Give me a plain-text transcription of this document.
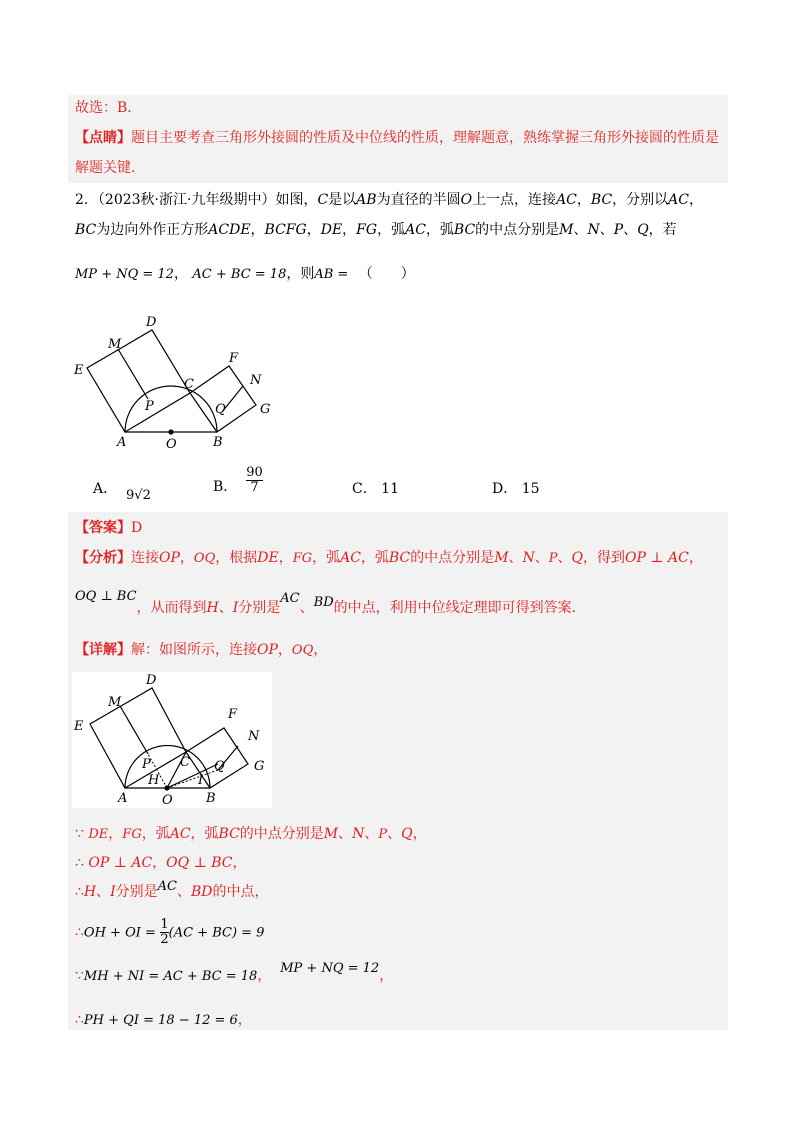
故选：B．
【点睛】题目主要考查三角形外接圆的性质及中位线的性质，理解题意，熟练掌握三角形外接圆的性质是
解题关键．
2．（2023秋·浙江·九年级期中）如图，C是以AB为直径的半圆O上一点，连接AC，BC，分别以AC，
BC为边向外作正方形ACDE，BCFG，DE，FG，弧AC，弧BC的中点分别是M、N、P、Q，若
MP + NQ = 12， AC + BC = 18，则AB = （　　）
D
M
E
F
N
C
P	Q	G
A	O	B
A． 9√2
B． $\frac{90}{7}$	C． 11	D． 15
【答案】D
【分析】连接OP，OQ，根据DE，FG，弧AC，弧BC的中点分别是M、N、P、Q，得到OP ⊥ AC，
OQ ⊥ BC，从而得到H、I分别是AC、BD的中点，利用中位线定理即可得到答案．
【详解】解：如图所示，连接OP，OQ，
D
M
E
F
N
C
P
H	I
Q G
A	O	B
∵ DE，FG，弧AC，弧BC的中点分别是M、N、P、Q，
∴ OP ⊥ AC，OQ ⊥ BC，
∴H、I分别是AC、BD的中点，
∴OH + OI = $\frac{1}{2} (AC + BC) = 9$
∵MH + NI = AC + BC = 18， MP + NQ = 12，
∴PH + QI = 18 − 12 = 6，
